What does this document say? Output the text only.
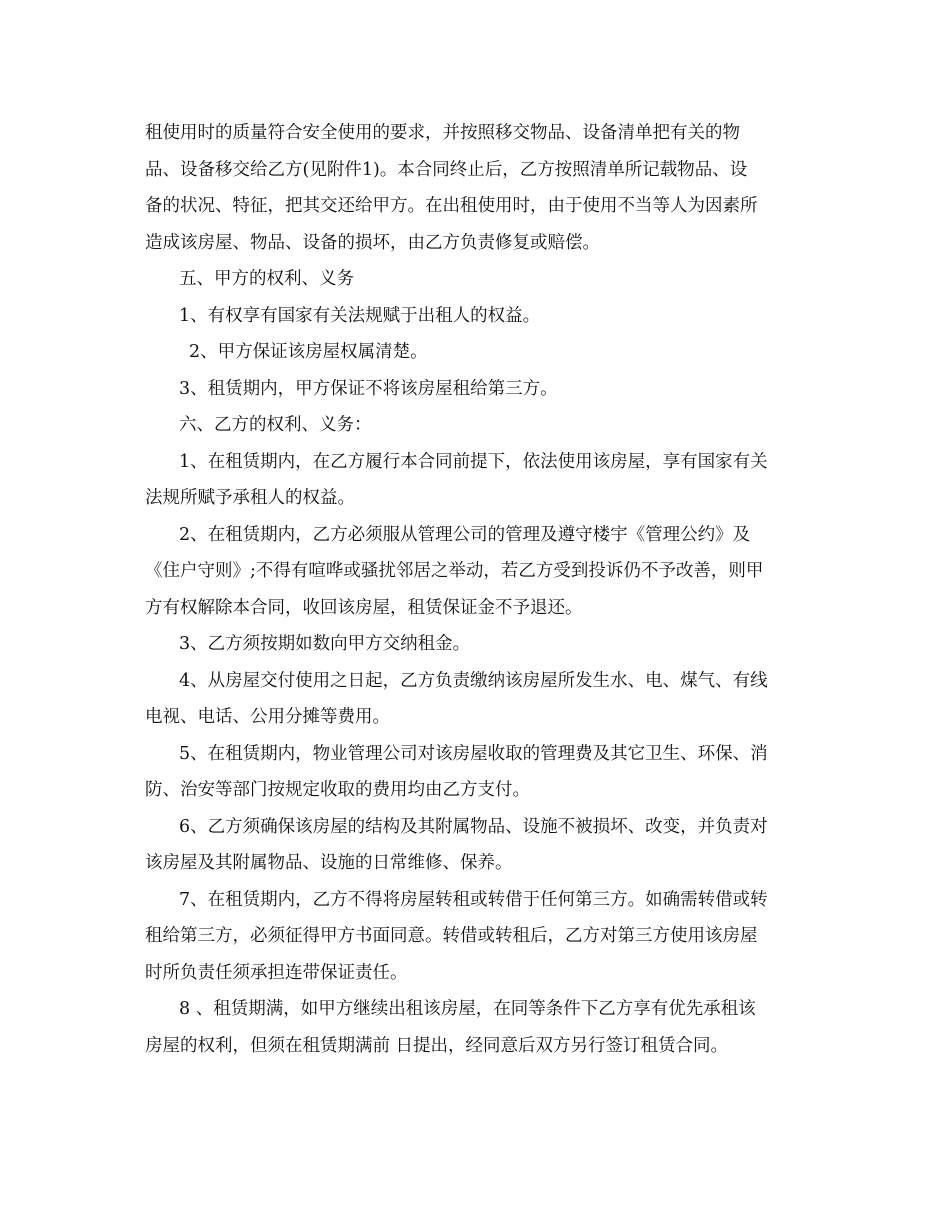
租使用时的质量符合安全使用的要求，并按照移交物品、设备清单把有关的物
品、设备移交给乙方(见附件1)。本合同终止后，乙方按照清单所记载物品、设
备的状况、特征，把其交还给甲方。在出租使用时，由于使用不当等人为因素所
造成该房屋、物品、设备的损坏，由乙方负责修复或赔偿。
五、甲方的权利、义务
1、有权享有国家有关法规赋于出租人的权益。
2、甲方保证该房屋权属清楚。
3、租赁期内，甲方保证不将该房屋租给第三方。
六、乙方的权利、义务：
1、在租赁期内，在乙方履行本合同前提下，依法使用该房屋，享有国家有关
法规所赋予承租人的权益。
2、在租赁期内，乙方必须服从管理公司的管理及遵守楼宇《管理公约》及
《住户守则》;不得有喧哗或骚扰邻居之举动，若乙方受到投诉仍不予改善，则甲
方有权解除本合同，收回该房屋，租赁保证金不予退还。
3、乙方须按期如数向甲方交纳租金。
4、从房屋交付使用之日起，乙方负责缴纳该房屋所发生水、电、煤气、有线
电视、电话、公用分摊等费用。
5、在租赁期内，物业管理公司对该房屋收取的管理费及其它卫生、环保、消
防、治安等部门按规定收取的费用均由乙方支付。
6、乙方须确保该房屋的结构及其附属物品、设施不被损坏、改变，并负责对
该房屋及其附属物品、设施的日常维修、保养。
7、在租赁期内，乙方不得将房屋转租或转借于任何第三方。如确需转借或转
租给第三方，必须征得甲方书面同意。转借或转租后，乙方对第三方使用该房屋
时所负责任须承担连带保证责任。
8 、租赁期满，如甲方继续出租该房屋，在同等条件下乙方享有优先承租该
房屋的权利，但须在租赁期满前 日提出，经同意后双方另行签订租赁合同。
